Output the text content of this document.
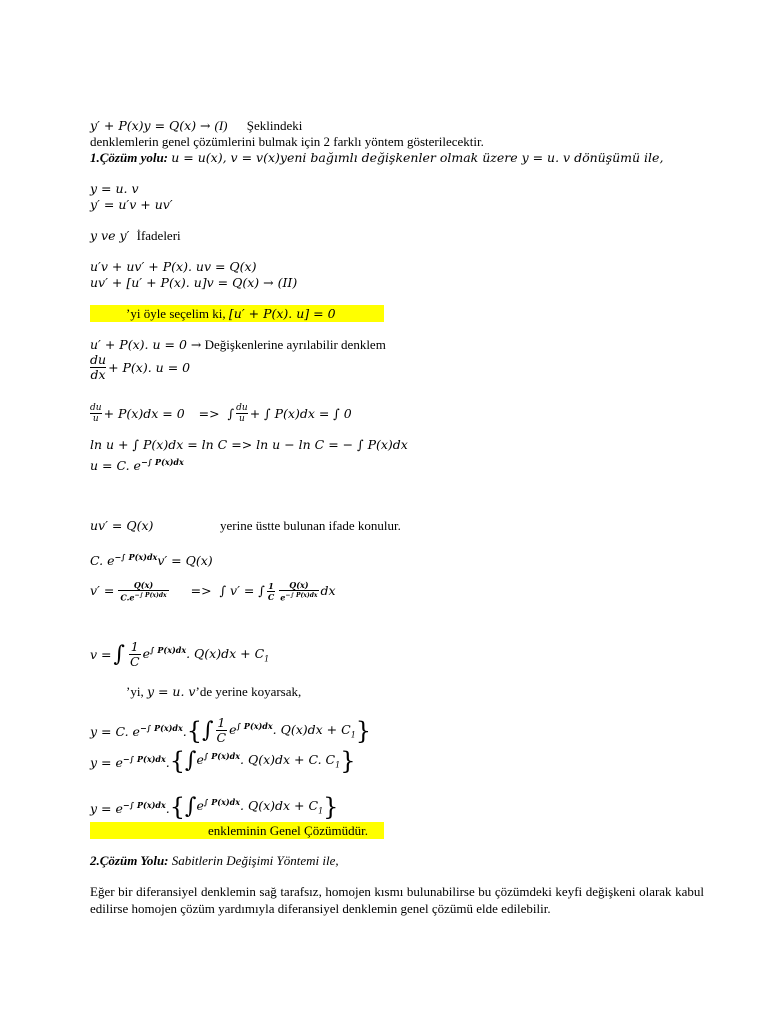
y′ + P(x)y = Q(x) → (I) Şeklindeki
denklemlerin genel çözümlerini bulmak için 2 farklı yöntem gösterilecektir.
1.Çözüm yolu: u = u(x), v = v(x)yeni bağımlı değişkenler olmak üzere y = u. v dönüşümü ile,
y = u. v
y′ = u′v + uv′
y ve y′ İfadeleri
u′v + uv′ + P(x). uv = Q(x)
uv′ + [u′ + P(x). u]v = Q(x) → (II)
’yi öyle seçelim ki, [u′ + P(x). u] = 0
u′ + P(x). u = 0 → Değişkenlerine ayrılabilir denklem
du
dx + P(x). u = 0
du
u + P(x)dx = 0 => ∫ du
u + ∫ P(x)dx = ∫ 0
ln u + ∫ P(x)dx = ln C => ln u − ln C = − ∫ P(x)dx
u = C. $e^{-\int P(x)dx}$
uv′ = Q(x)	yerine üstte bulunan ifade konulur.
C. $e^{-\int P(x)dx}v' = Q(x)$
$v' = \frac{Q(x)}{C.e^{-\int P(x)dx}}$ => ∫ v′ = ∫ 1
C
Q(x)
$e^{-\int P(x)dx}$ dx
v = ∫ 1
C
$e^{\int P(x)dx}$. $Q(x)dx + C_1$
’yi, y = u. v’de yerine koyarsak,
y = C. $e^{-\int P(x)dx}$. { ∫ 1
C
$e^{\int P(x)dx}$. $Q(x)dx + C_1$ }
$y = e^{-\int P(x)dx}$. { ∫ $e^{\int P(x)dx}$. Q(x)dx + C. $C_1$ }
$y = e^{-\int P(x)dx}$. { ∫ $e^{\int P(x)dx}$. $Q(x)dx + C_1$ }
enkleminin Genel Çözümüdür.
2.Çözüm Yolu: Sabitlerin Değişimi Yöntemi ile,
Eğer bir diferansiyel denklemin sağ tarafsız, homojen kısmı bulunabilirse bu çözümdeki keyfi değişkeni olarak kabul edilirse homojen çözüm yardımıyla diferansiyel denklemin genel çözümü elde edilebilir.
